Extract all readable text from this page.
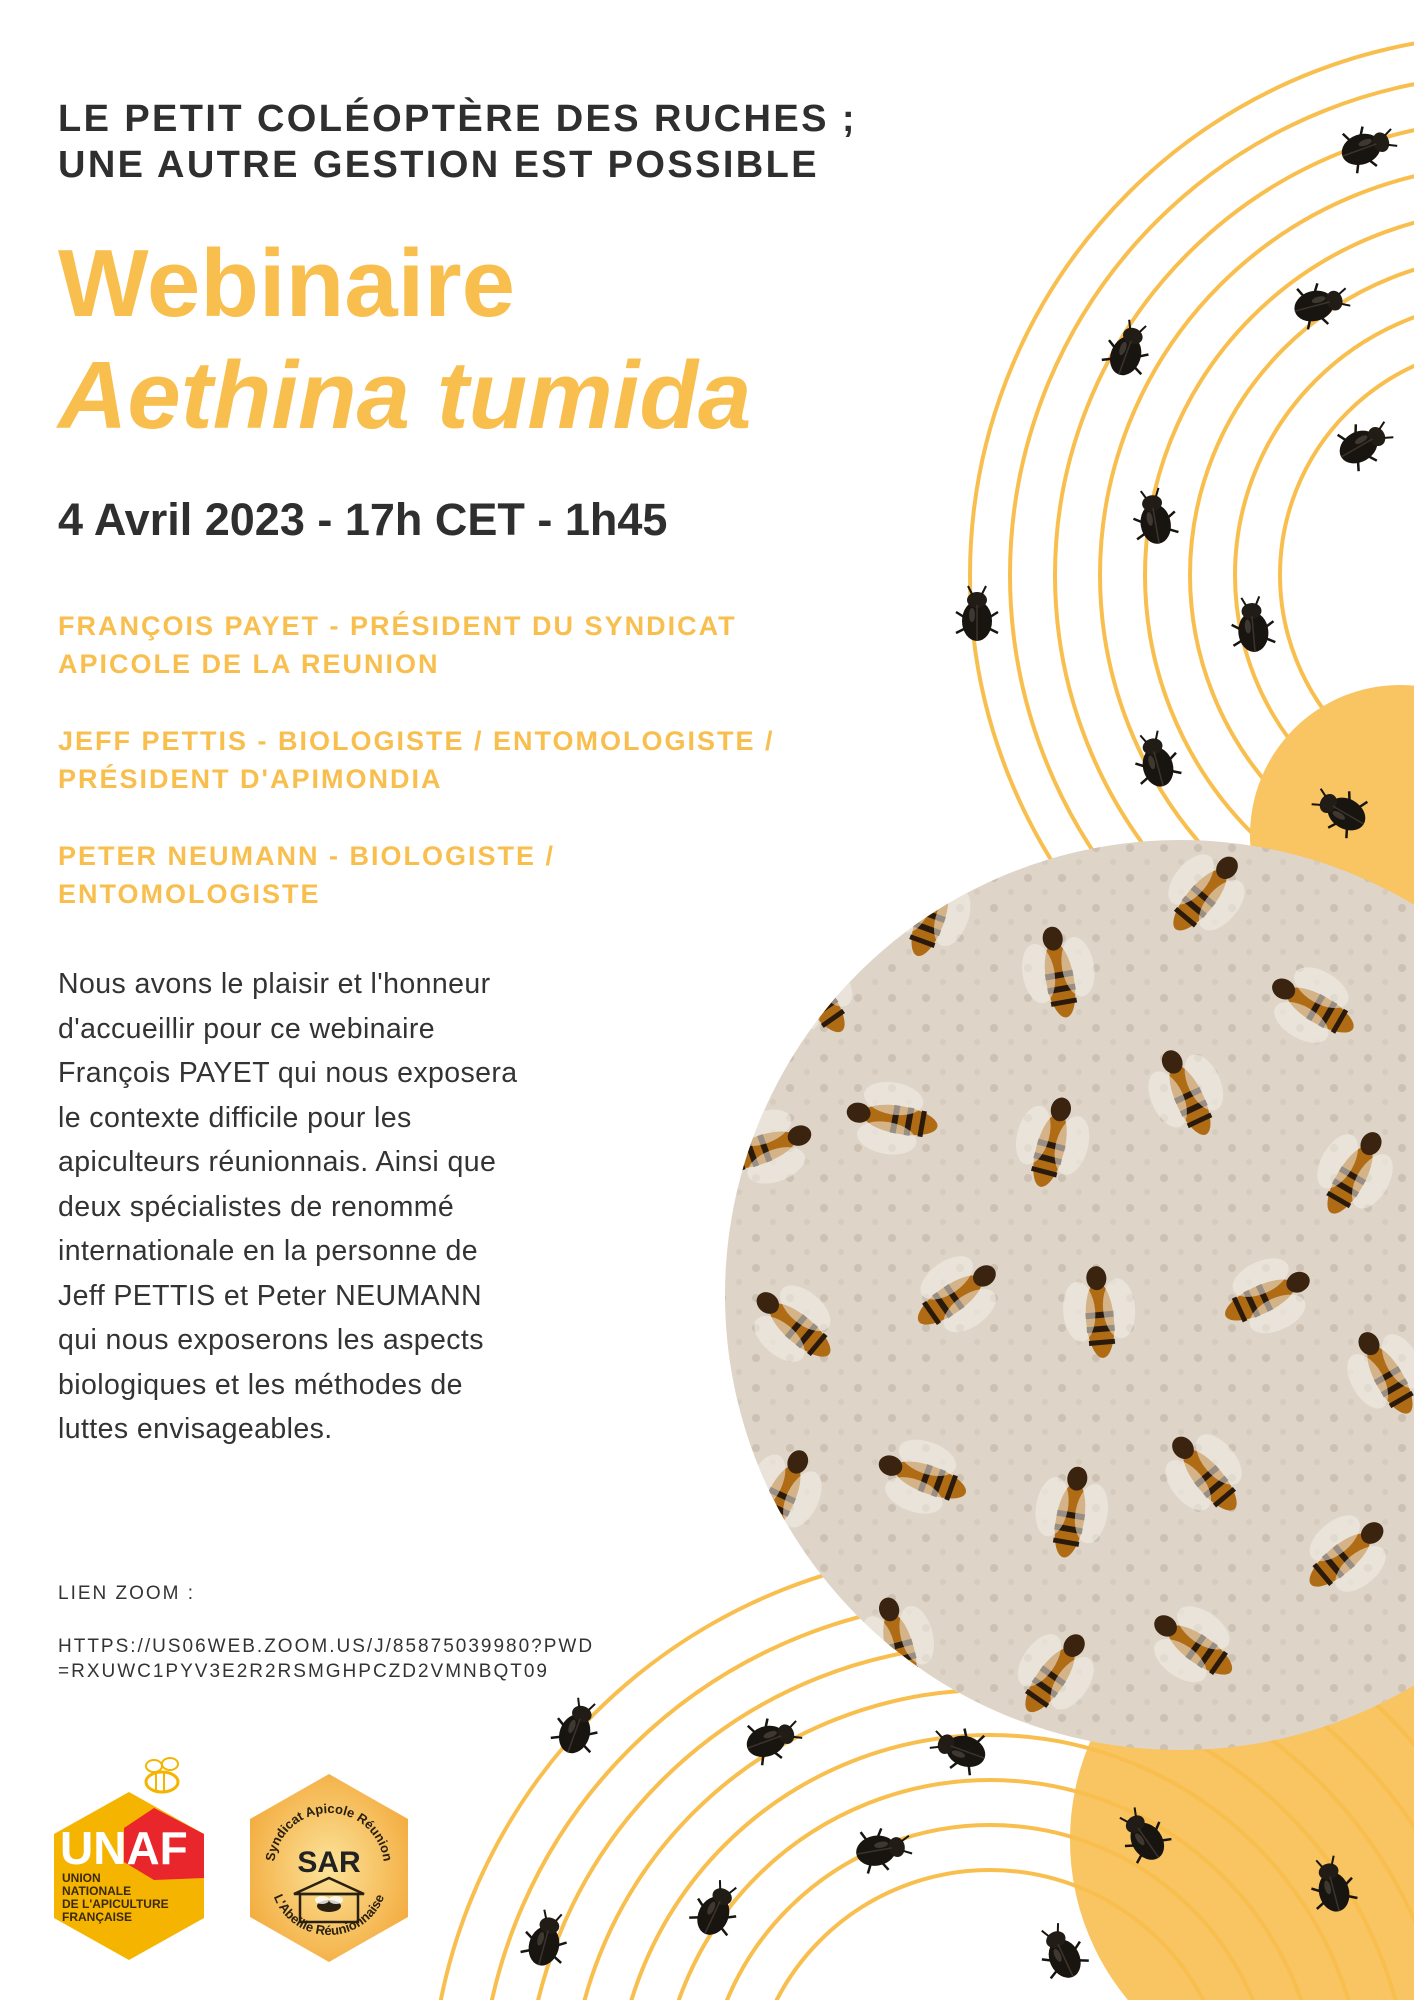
LE PETIT COLÉOPTÈRE DES RUCHES ;
UNE AUTRE GESTION EST POSSIBLE
Webinaire
Aethina tumida
4 Avril 2023 - 17h CET - 1h45
FRANÇOIS PAYET - PRÉSIDENT DU SYNDICAT
APICOLE DE LA REUNION
JEFF PETTIS - BIOLOGISTE / ENTOMOLOGISTE /
PRÉSIDENT D'APIMONDIA
PETER NEUMANN - BIOLOGISTE /
ENTOMOLOGISTE
Nous avons le plaisir et l'honneur d'accueillir pour ce webinaire François PAYET qui nous exposera le contexte difficile pour les apiculteurs réunionnais. Ainsi que deux spécialistes de renommé internationale en la personne de Jeff PETTIS et Peter NEUMANN qui nous exposerons les aspects biologiques et les méthodes de luttes envisageables.
LIEN ZOOM :
HTTPS://US06WEB.ZOOM.US/J/85875039980?PWD=RXUWC1PYV3E2R2RSMGHPCZD2VMNBQT09
UNAF
UNION
NATIONALE
DE L'APICULTURE
FRANÇAISE
Syndicat Apicole Réunion
SAR
L'Abeille Réunionnaise
